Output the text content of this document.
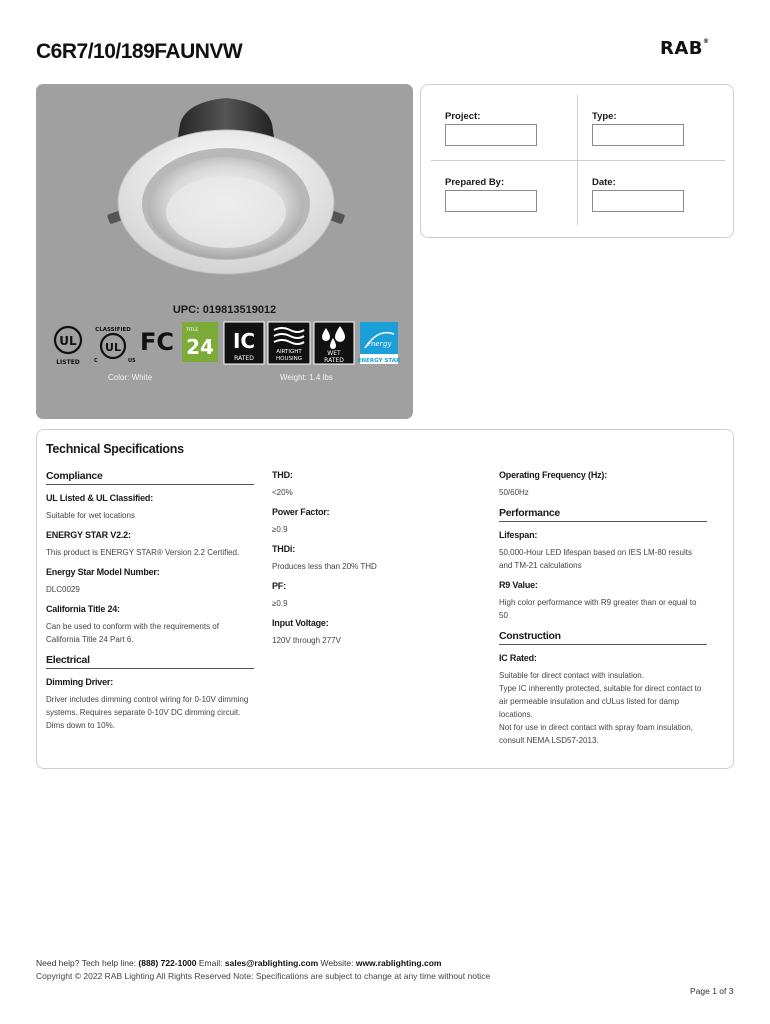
C6R7/10/189FAUNVW	RAB®
UPC: 019813519012
UL
LISTED
UL
CLASSIFIED
US
C
FC	TITLE
24 IC
RATED
AIRTIGHT
HOUSING
WET
RATED
energy
ENERGY STAR
Color: White	Weight: 1.4 lbs
Project:	Type:
Prepared By:	Date:
Technical Specifications
Compliance
UL Listed & UL Classified:
Suitable for wet locations
ENERGY STAR V2.2:
This product is ENERGY STAR® Version 2.2 Certified.
Energy Star Model Number:
DLC0029
California Title 24:
Can be used to conform with the requirements of California Title 24 Part 6.
Electrical
Dimming Driver:
Driver includes dimming control wiring for 0-10V dimming systems. Requires separate 0-10V DC dimming circuit. Dims down to 10%.
THD:
<20%
Power Factor:
≥0.9
THDi:
Produces less than 20% THD
PF:
≥0.9
Input Voltage:
120V through 277V
Operating Frequency (Hz):
50/60Hz
Performance
Lifespan:
50,000-Hour LED lifespan based on IES LM-80 results and TM-21 calculations
R9 Value:
High color performance with R9 greater than or equal to 50
Construction
IC Rated:
Suitable for direct contact with insulation.
Type IC inherently protected, suitable for direct contact to air permeable insulation and cULus listed for damp locations.
Not for use in direct contact with spray foam insulation, consult NEMA LSD57-2013.
Need help? Tech help line: (888) 722-1000 Email: sales@rablighting.com Website: www.rablighting.com
Copyright © 2022 RAB Lighting All Rights Reserved Note: Specifications are subject to change at any time without notice
Page 1 of 3
